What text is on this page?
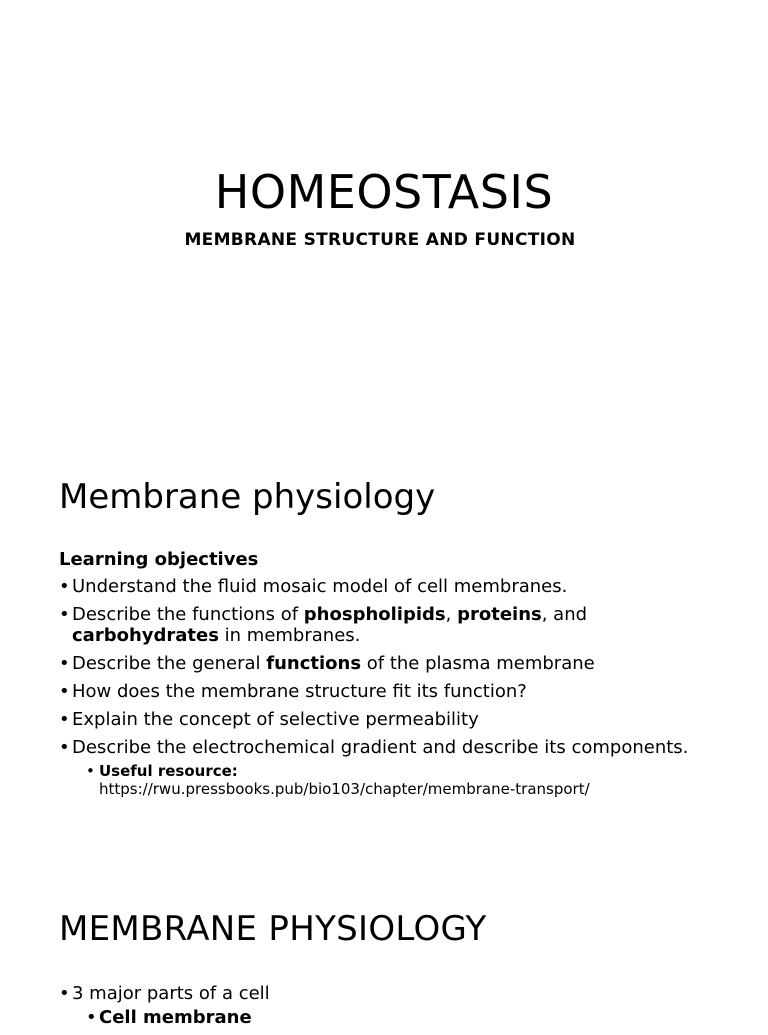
HOMEOSTASIS
MEMBRANE STRUCTURE AND FUNCTION
Membrane physiology

Learning objectives

• Understand the fluid mosaic model of cell membranes.
• Describe the functions of phospholipids, proteins, and
carbohydrates in membranes.
• Describe the general functions of the plasma membrane
• How does the membrane structure fit its function?
• Explain the concept of selective permeability
• Describe the electrochemical gradient and describe its components.
• Useful resource:
https://rwu.pressbooks.pub/bio103/chapter/membrane-transport/
MEMBRANE PHYSIOLOGY
• 3 major parts of a cell
• Cell membrane
